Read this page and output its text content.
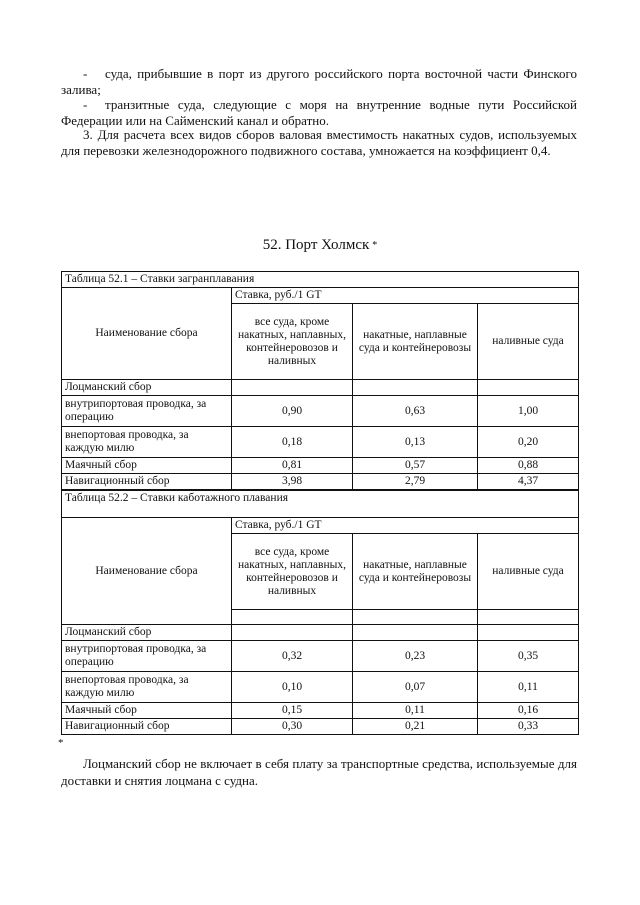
- суда, прибывшие в порт из другого российского порта восточной части Финского залива;

- транзитные суда, следующие с моря на внутренние водные пути Российской Федерации или на Сайменский канал и обратно.

3. Для расчета всех видов сборов валовая вместимость накатных судов, используемых для перевозки железнодорожного подвижного состава, умножается на коэффициент 0,4.

52. Порт Холмск *
Таблица 52.1 – Ставки загранплавания			
Наименование сбора	Ставка, руб./1 GT		
	все суда, кроме накатных, наплавных, контейнеровозов и наливных	накатные, наплавные суда и контейнеровозы	наливные суда
Лоцманский сбор			
внутрипортовая проводка, за операцию	0,90	0,63	1,00
внепортовая проводка, за каждую милю	0,18	0,13	0,20
Маячный сбор	0,81	0,57	0,88
Навигационный сбор	3,98	2,79	4,37
Таблица 52.2 – Ставки каботажного плавания			
Наименование сбора	Ставка, руб./1 GT		
	все суда, кроме накатных, наплавных, контейнеровозов и наливных	накатные, наплавные суда и контейнеровозы	наливные суда

Лоцманский сбор			
внутрипортовая проводка, за операцию	0,32	0,23	0,35
внепортовая проводка, за каждую милю	0,10	0,07	0,11
Маячный сбор	0,15	0,11	0,16
Навигационный сбор	0,30	0,21	0,33
*

Лоцманский сбор не включает в себя плату за транспортные средства, используемые для доставки и снятия лоцмана с судна.
